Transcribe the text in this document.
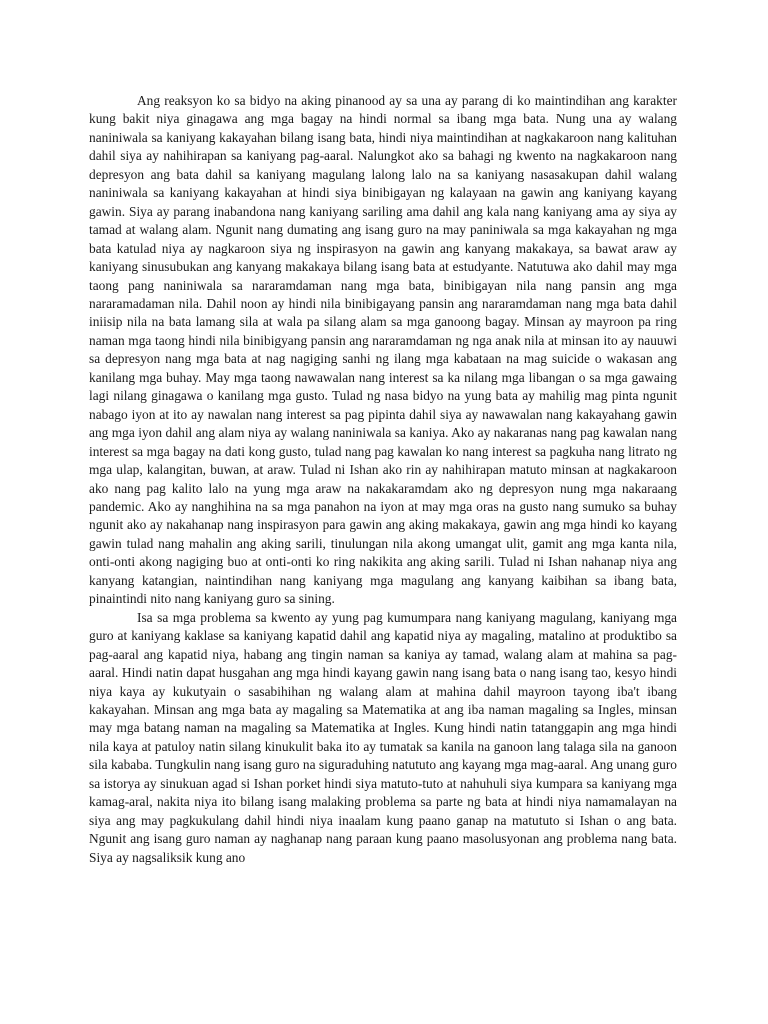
Ang reaksyon ko sa bidyo na aking pinanood ay sa una ay parang di ko maintindihan ang karakter kung bakit niya ginagawa ang mga bagay na hindi normal sa ibang mga bata. Nung una ay walang naniniwala sa kaniyang kakayahan bilang isang bata, hindi niya maintindihan at nagkakaroon nang kalituhan dahil siya ay nahihirapan sa kaniyang pag-aaral. Nalungkot ako sa bahagi ng kwento na nagkakaroon nang depresyon ang bata dahil sa kaniyang magulang lalong lalo na sa kaniyang nasasakupan dahil walang naniniwala sa kaniyang kakayahan at hindi siya binibigayan ng kalayaan na gawin ang kaniyang kayang gawin. Siya ay parang inabandona nang kaniyang sariling ama dahil ang kala nang kaniyang ama ay siya ay tamad at walang alam. Ngunit nang dumating ang isang guro na may paniniwala sa mga kakayahan ng mga bata katulad niya ay nagkaroon siya ng inspirasyon na gawin ang kanyang makakaya, sa bawat araw ay kaniyang sinusubukan ang kanyang makakaya bilang isang bata at estudyante. Natutuwa ako dahil may mga taong pang naniniwala sa nararamdaman nang mga bata, binibigayan nila nang pansin ang mga nararamadaman nila. Dahil noon ay hindi nila binibigayang pansin ang nararamdaman nang mga bata dahil iniisip nila na bata lamang sila at wala pa silang alam sa mga ganoong bagay. Minsan ay mayroon pa ring naman mga taong hindi nila binibigyang pansin ang nararamdaman ng nga anak nila at minsan ito ay nauuwi sa depresyon nang mga bata at nag nagiging sanhi ng ilang mga kabataan na mag suicide o wakasan ang kanilang mga buhay. May mga taong nawawalan nang interest sa ka nilang mga libangan o sa mga gawaing lagi nilang ginagawa o kanilang mga gusto. Tulad ng nasa bidyo na yung bata ay mahilig mag pinta ngunit nabago iyon at ito ay nawalan nang interest sa pag pipinta dahil siya ay nawawalan nang kakayahang gawin ang mga iyon dahil ang alam niya ay walang naniniwala sa kaniya. Ako ay nakaranas nang pag kawalan nang interest sa mga bagay na dati kong gusto, tulad nang pag kawalan ko nang interest sa pagkuha nang litrato ng mga ulap, kalangitan, buwan, at araw. Tulad ni Ishan ako rin ay nahihirapan matuto minsan at nagkakaroon ako nang pag kalito lalo na yung mga araw na nakakaramdam ako ng depresyon nung mga nakaraang pandemic. Ako ay nanghihina na sa mga panahon na iyon at may mga oras na gusto nang sumuko sa buhay ngunit ako ay nakahanap nang inspirasyon para gawin ang aking makakaya, gawin ang mga hindi ko kayang gawin tulad nang mahalin ang aking sarili, tinulungan nila akong umangat ulit, gamit ang mga kanta nila, onti-onti akong nagiging buo at onti-onti ko ring nakikita ang aking sarili. Tulad ni Ishan nahanap niya ang kanyang katangian, naintindihan nang kaniyang mga magulang ang kanyang kaibihan sa ibang bata, pinaintindi nito nang kaniyang guro sa sining.

Isa sa mga problema sa kwento ay yung pag kumumpara nang kaniyang magulang, kaniyang mga guro at kaniyang kaklase sa kaniyang kapatid dahil ang kapatid niya ay magaling, matalino at produktibo sa pag-aaral ang kapatid niya, habang ang tingin naman sa kaniya ay tamad, walang alam at mahina sa pag-aaral. Hindi natin dapat husgahan ang mga hindi kayang gawin nang isang bata o nang isang tao, kesyo hindi niya kaya ay kukutyain o sasabihihan ng walang alam at mahina dahil mayroon tayong iba't ibang kakayahan. Minsan ang mga bata ay magaling sa Matematika at ang iba naman magaling sa Ingles, minsan may mga batang naman na magaling sa Matematika at Ingles. Kung hindi natin tatanggapin ang mga hindi nila kaya at patuloy natin silang kinukulit baka ito ay tumatak sa kanila na ganoon lang talaga sila na ganoon sila kababa. Tungkulin nang isang guro na siguraduhing natututo ang kayang mga mag-aaral. Ang unang guro sa istorya ay sinukuan agad si Ishan porket hindi siya matuto-tuto at nahuhuli siya kumpara sa kaniyang mga kamag-aral, nakita niya ito bilang isang malaking problema sa parte ng bata at hindi niya namamalayan na siya ang may pagkukulang dahil hindi niya inaalam kung paano ganap na matututo si Ishan o ang bata. Ngunit ang isang guro naman ay naghanap nang paraan kung paano masolusyonan ang problema nang bata. Siya ay nagsaliksik kung ano
